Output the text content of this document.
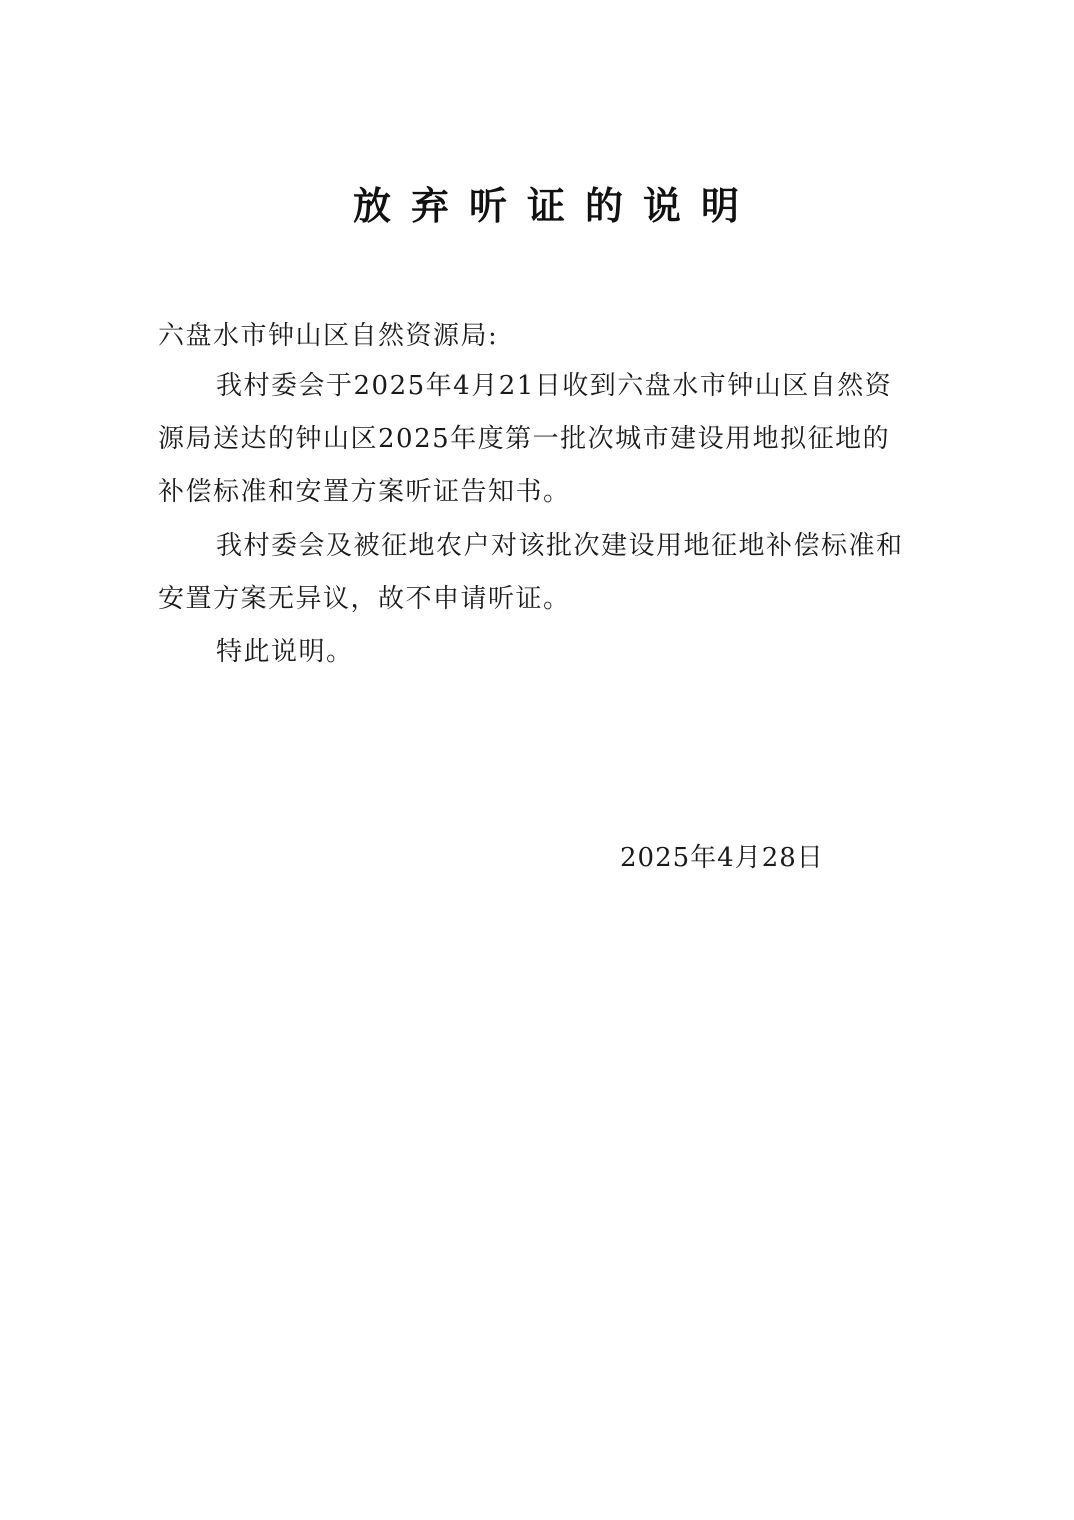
放弃听证的说明
六盘水市钟山区自然资源局:

我村委会于2025年4月21日收到六盘水市钟山区自然资源局送达的钟山区2025年度第一批次城市建设用地拟征地的补偿标准和安置方案听证告知书。

我村委会及被征地农户对该批次建设用地征地补偿标准和安置方案无异议，故不申请听证。

特此说明。

2025年4月28日
